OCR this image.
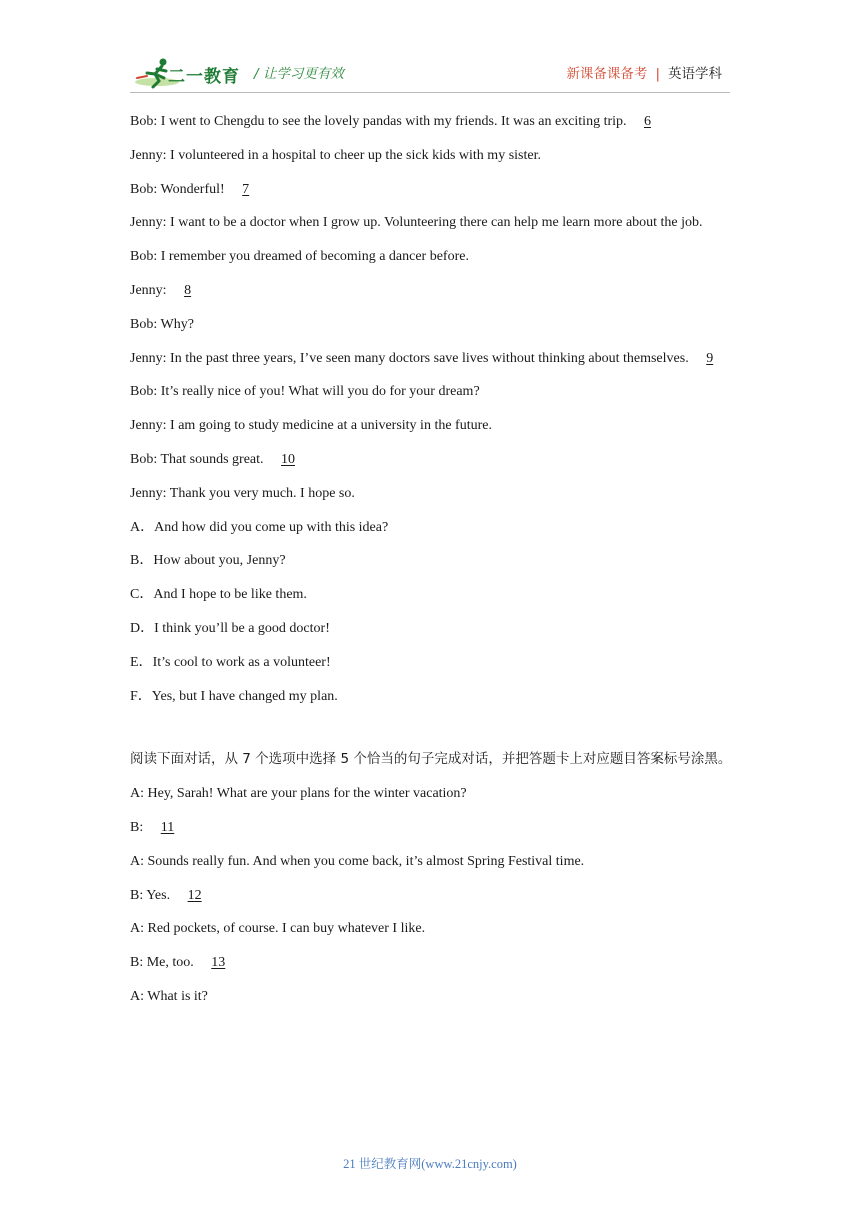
二一教育 / 让学习更有效	新课备课备考 | 英语学科
Bob: I went to Chengdu to see the lovely pandas with my friends. It was an exciting trip. 6
Jenny: I volunteered in a hospital to cheer up the sick kids with my sister.
Bob: Wonderful! 7
Jenny: I want to be a doctor when I grow up. Volunteering there can help me learn more about the job.
Bob: I remember you dreamed of becoming a dancer before.
Jenny: 8
Bob: Why?
Jenny: In the past three years, I’ve seen many doctors save lives without thinking about themselves. 9
Bob: It’s really nice of you! What will you do for your dream?
Jenny: I am going to study medicine at a university in the future.
Bob: That sounds great. 10
Jenny: Thank you very much. I hope so.
A．And how did you come up with this idea?
B．How about you, Jenny?
C．And I hope to be like them.
D．I think you’ll be a good doctor!
E．It’s cool to work as a volunteer!
F．Yes, but I have changed my plan.
阅读下面对话，从 7 个选项中选择 5 个恰当的句子完成对话，并把答题卡上对应题目答案标号涂黑。
A: Hey, Sarah! What are your plans for the winter vacation?
B: 11
A: Sounds really fun. And when you come back, it’s almost Spring Festival time.
B: Yes. 12
A: Red pockets, of course. I can buy whatever I like.
B: Me, too. 13
A: What is it?
21 世纪教育网(www.21cnjy.com)
